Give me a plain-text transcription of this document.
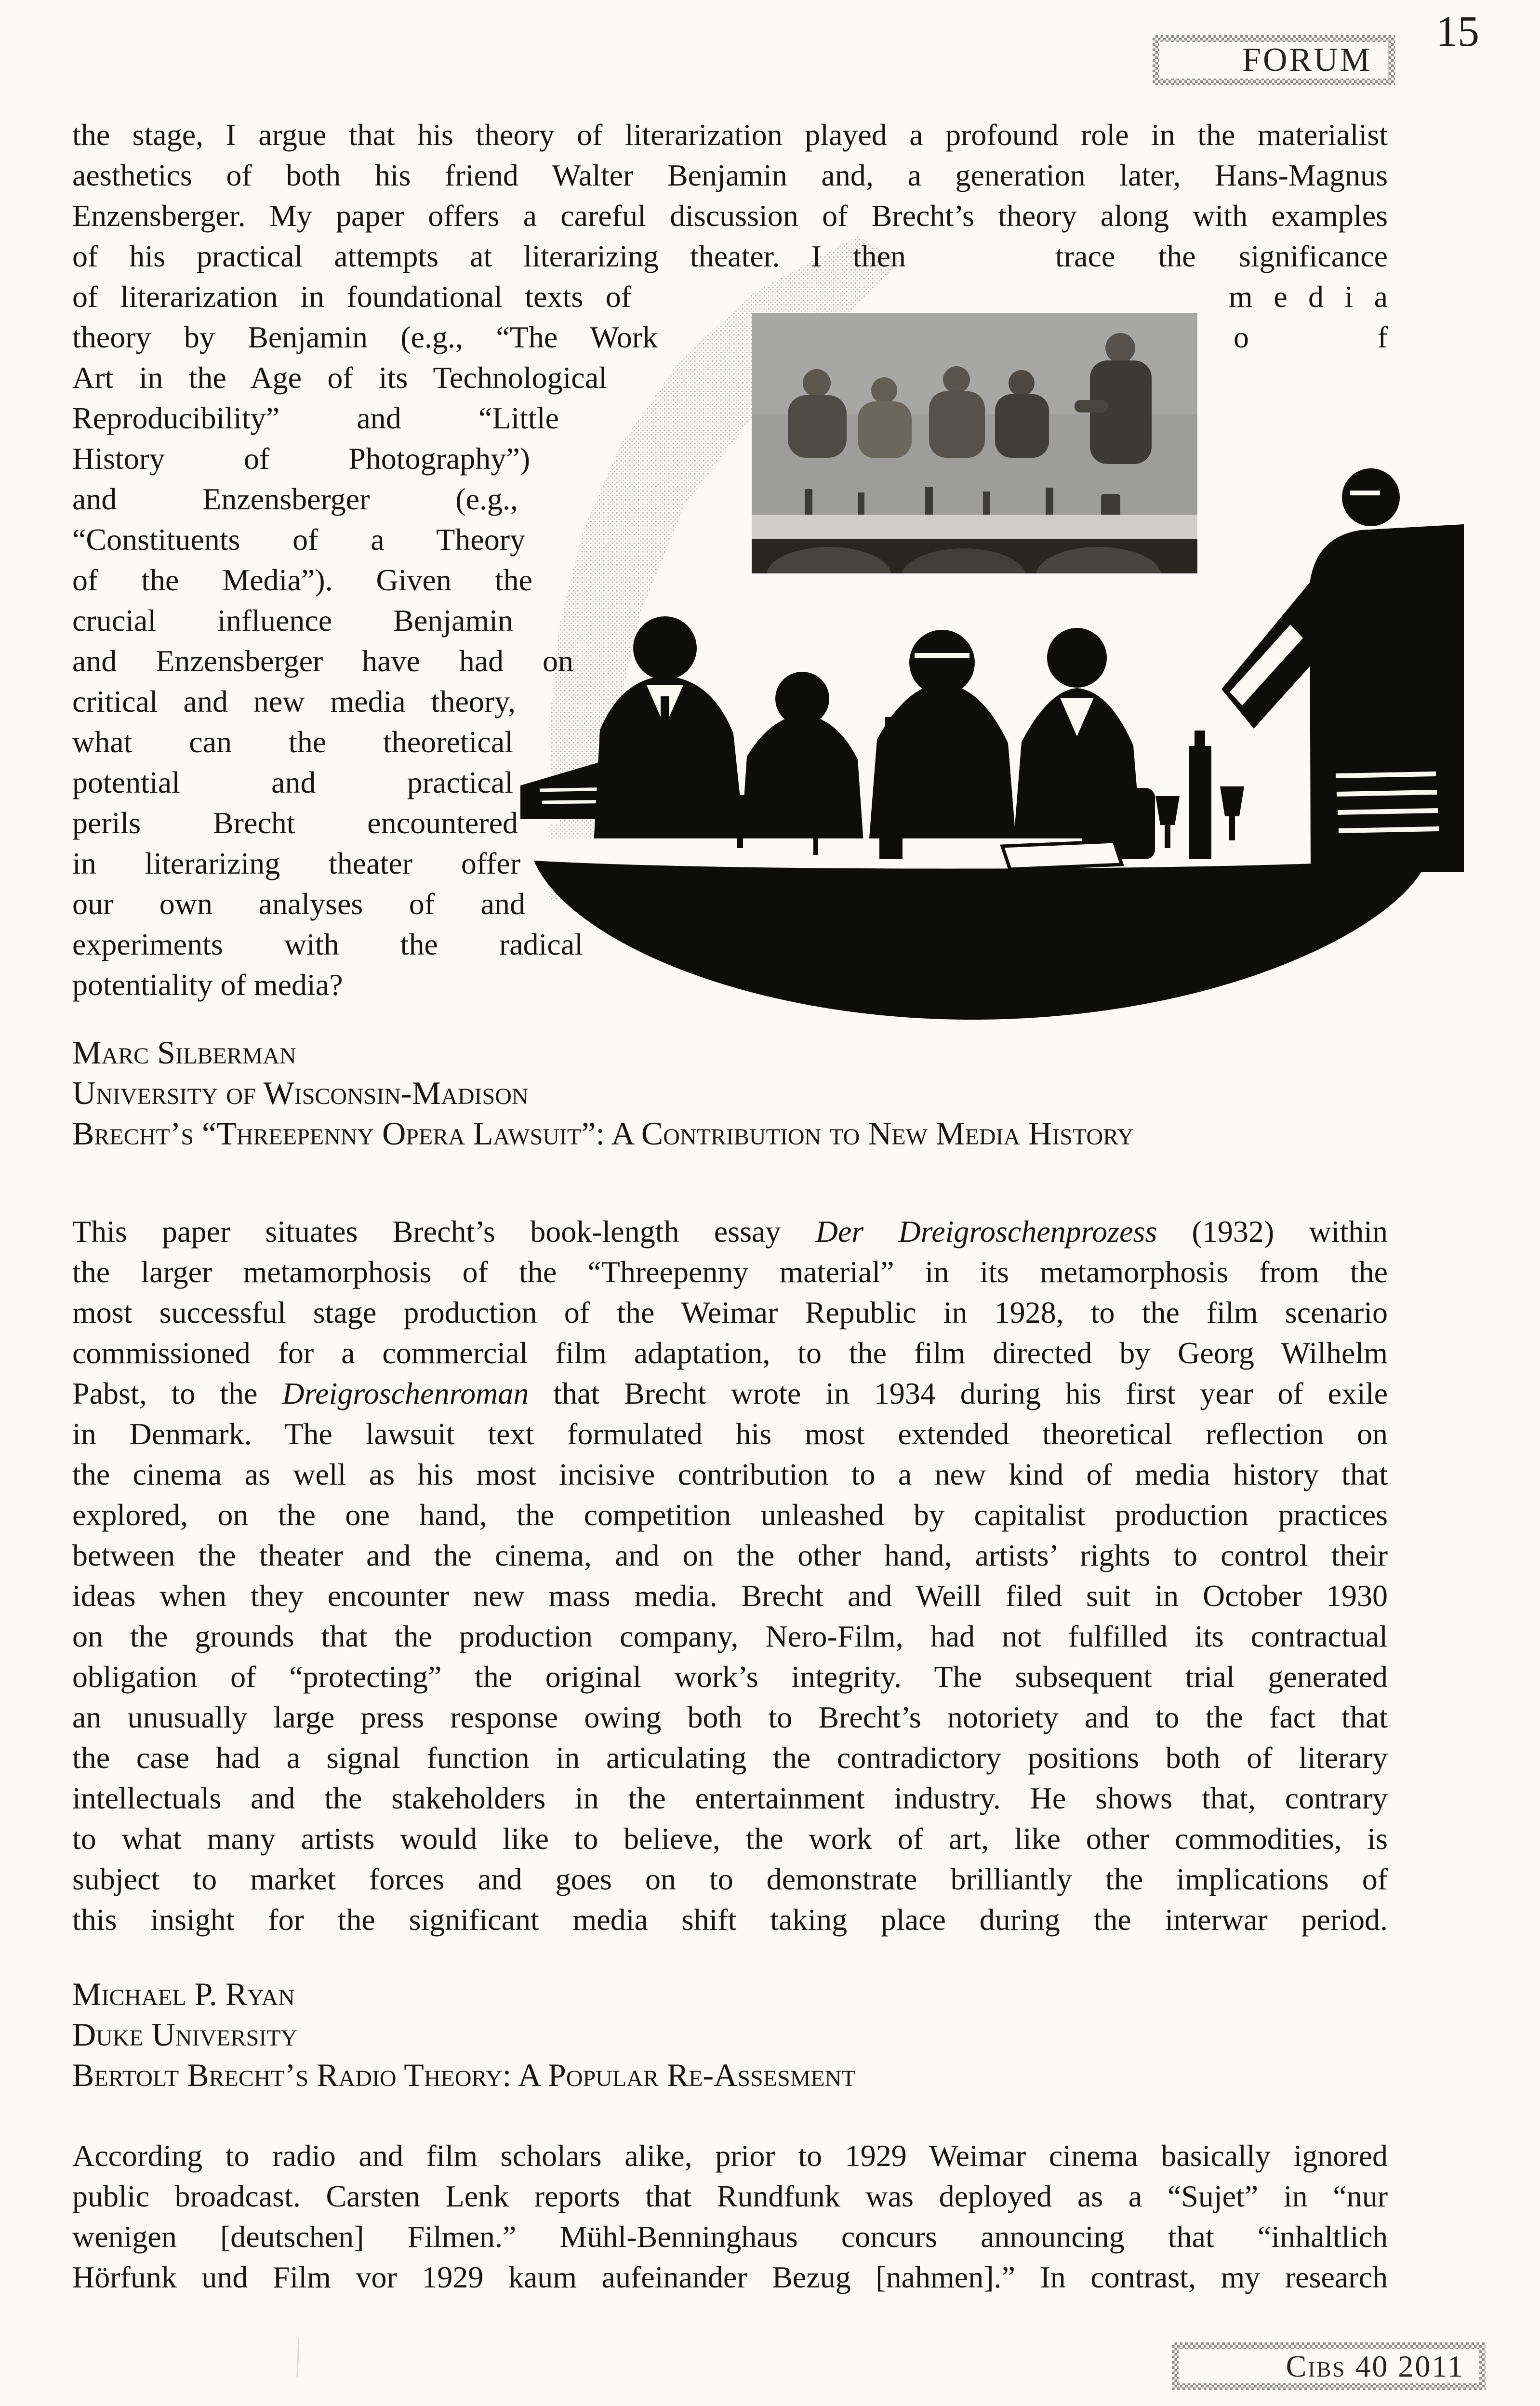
FORUM
15
the stage, I argue that his theory of literarization played a profound role in the materialist
aesthetics of both his friend Walter Benjamin and, a generation later, Hans-Magnus
Enzensberger. My paper offers a careful discussion of Brecht’s theory along with examples
of his practical attempts at literarizing theater. I then	trace the significance
of literarization in foundational texts of	m e d i a
theory by Benjamin (e.g., “The Work	o f
Art in the Age of its Technological
Reproducibility” and “Little
History of Photography”)
and Enzensberger (e.g.,
“Constituents of a Theory
of the Media”). Given the
crucial influence Benjamin
and Enzensberger have had on
critical and new media theory,
what can the theoretical
potential and practical
perils Brecht encountered
in literarizing theater offer
our own analyses of and
experiments with the radical
potentiality of media?
Marc Silberman
University of Wisconsin-Madison
Brecht’s “Threepenny Opera Lawsuit”: A Contribution to New Media History
This paper situates Brecht’s book-length essay Der Dreigroschenprozess (1932) within
the larger metamorphosis of the “Threepenny material” in its metamorphosis from the
most successful stage production of the Weimar Republic in 1928, to the film scenario
commissioned for a commercial film adaptation, to the film directed by Georg Wilhelm
Pabst, to the Dreigroschenroman that Brecht wrote in 1934 during his first year of exile
in Denmark. The lawsuit text formulated his most extended theoretical reflection on
the cinema as well as his most incisive contribution to a new kind of media history that
explored, on the one hand, the competition unleashed by capitalist production practices
between the theater and the cinema, and on the other hand, artists’ rights to control their
ideas when they encounter new mass media. Brecht and Weill filed suit in October 1930
on the grounds that the production company, Nero-Film, had not fulfilled its contractual
obligation of “protecting” the original work’s integrity. The subsequent trial generated
an unusually large press response owing both to Brecht’s notoriety and to the fact that
the case had a signal function in articulating the contradictory positions both of literary
intellectuals and the stakeholders in the entertainment industry. He shows that, contrary
to what many artists would like to believe, the work of art, like other commodities, is
subject to market forces and goes on to demonstrate brilliantly the implications of
this insight for the significant media shift taking place during the interwar period.
Michael P. Ryan
Duke University
Bertolt Brecht’s Radio Theory: A Popular Re-Assesment
According to radio and film scholars alike, prior to 1929 Weimar cinema basically ignored
public broadcast. Carsten Lenk reports that Rundfunk was deployed as a “Sujet” in “nur
wenigen [deutschen] Filmen.” Mühl-Benninghaus concurs announcing that “inhaltlich
Hörfunk und Film vor 1929 kaum aufeinander Bezug [nahmen].” In contrast, my research
Cibs 40 2011
